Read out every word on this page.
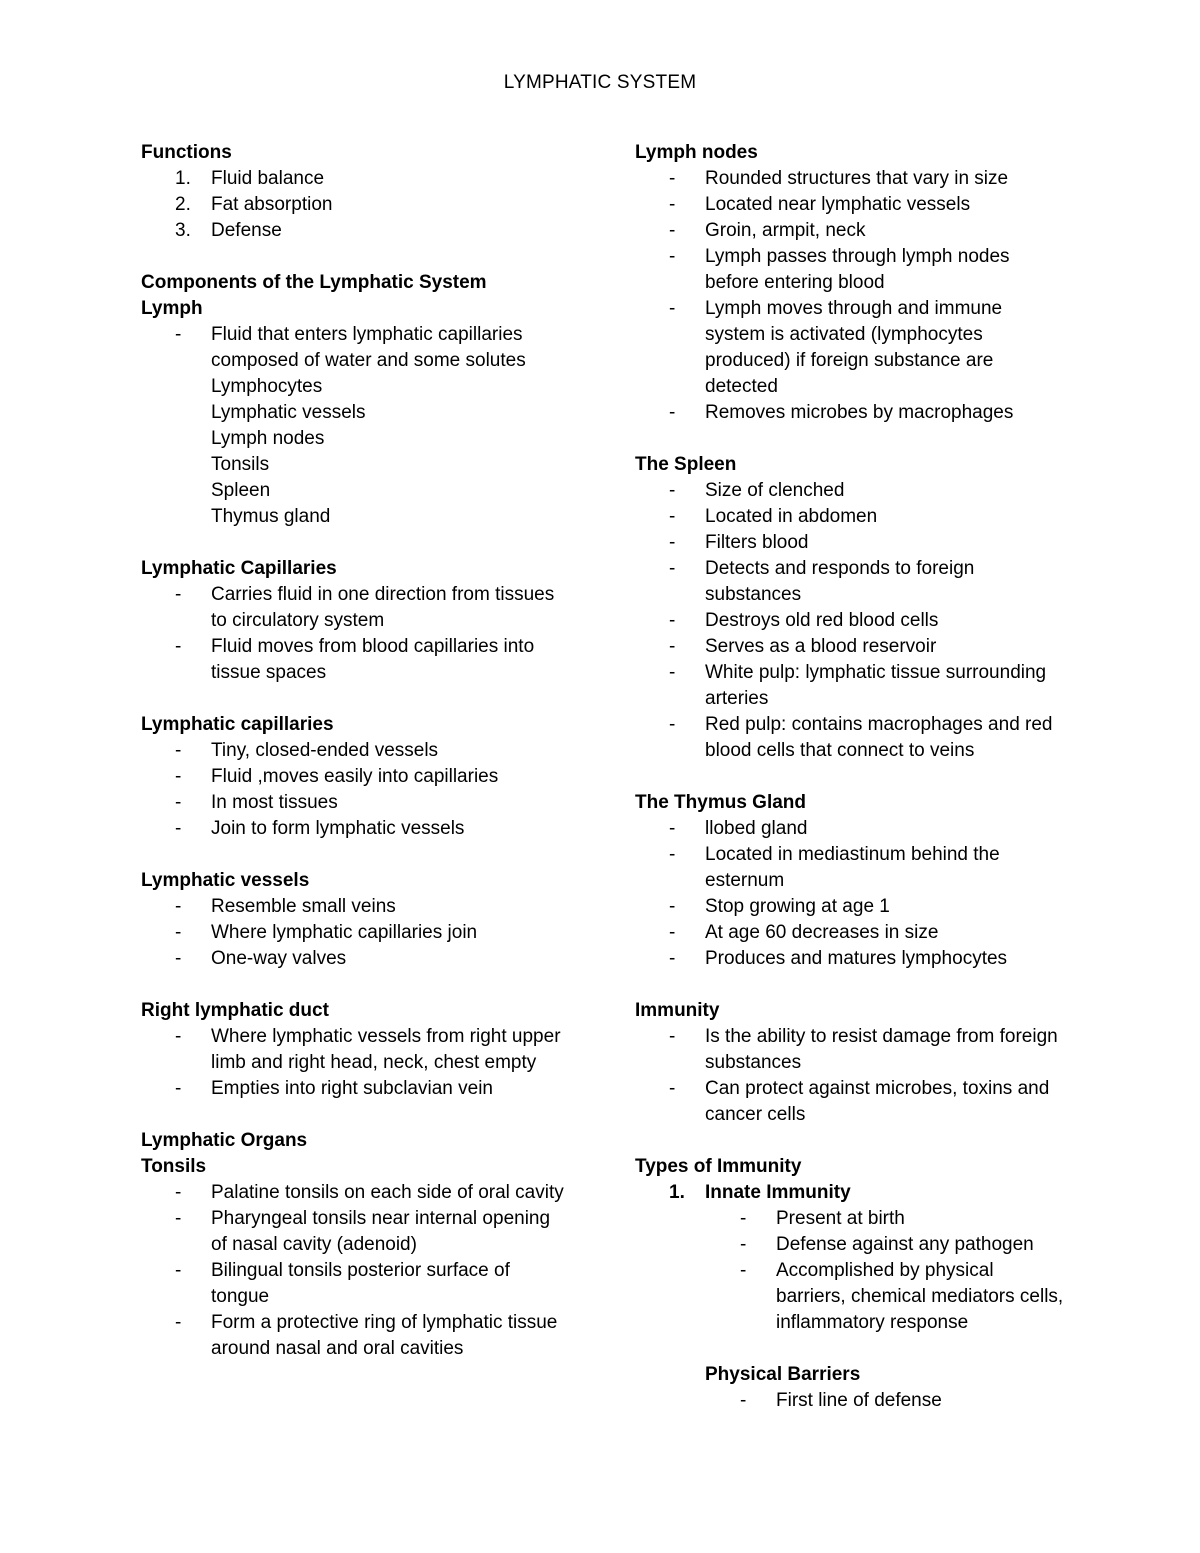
LYMPHATIC SYSTEM
Functions
1. Fluid balance
2. Fat absorption
3. Defense
Components of the Lymphatic System
Lymph
- Fluid that enters lymphatic capillaries
composed of water and some solutes
Lymphocytes
Lymphatic vessels
Lymph nodes
Tonsils
Spleen
Thymus gland
Lymphatic Capillaries
- Carries fluid in one direction from tissues to circulatory system
- Fluid moves from blood capillaries into tissue spaces
Lymphatic capillaries
- Tiny, closed-ended vessels
- Fluid ,moves easily into capillaries
- In most tissues
- Join to form lymphatic vessels
Lymphatic vessels
- Resemble small veins
- Where lymphatic capillaries join
- One-way valves
Right lymphatic duct
- Where lymphatic vessels from right upper limb and right head, neck, chest empty
- Empties into right subclavian vein
Lymphatic Organs
Tonsils
- Palatine tonsils on each side of oral cavity
- Pharyngeal tonsils near internal opening of nasal cavity (adenoid)
- Bilingual tonsils posterior surface of tongue
- Form a protective ring of lymphatic tissue around nasal and oral cavities
Lymph nodes
- Rounded structures that vary in size
- Located near lymphatic vessels
- Groin, armpit, neck
- Lymph passes through lymph nodes before entering blood
- Lymph moves through and immune system is activated (lymphocytes produced) if foreign substance are detected
- Removes microbes by macrophages
The Spleen
- Size of clenched
- Located in abdomen
- Filters blood
- Detects and responds to foreign substances
- Destroys old red blood cells
- Serves as a blood reservoir
- White pulp: lymphatic tissue surrounding arteries
- Red pulp: contains macrophages and red blood cells that connect to veins
The Thymus Gland
- llobed gland
- Located in mediastinum behind the esternum
- Stop growing at age 1
- At age 60 decreases in size
- Produces and matures lymphocytes
Immunity
- Is the ability to resist damage from foreign substances
- Can protect against microbes, toxins and cancer cells
Types of Immunity
1. Innate Immunity
- Present at birth
- Defense against any pathogen
- Accomplished by physical barriers, chemical mediators cells, inflammatory response
Physical Barriers
- First line of defense
